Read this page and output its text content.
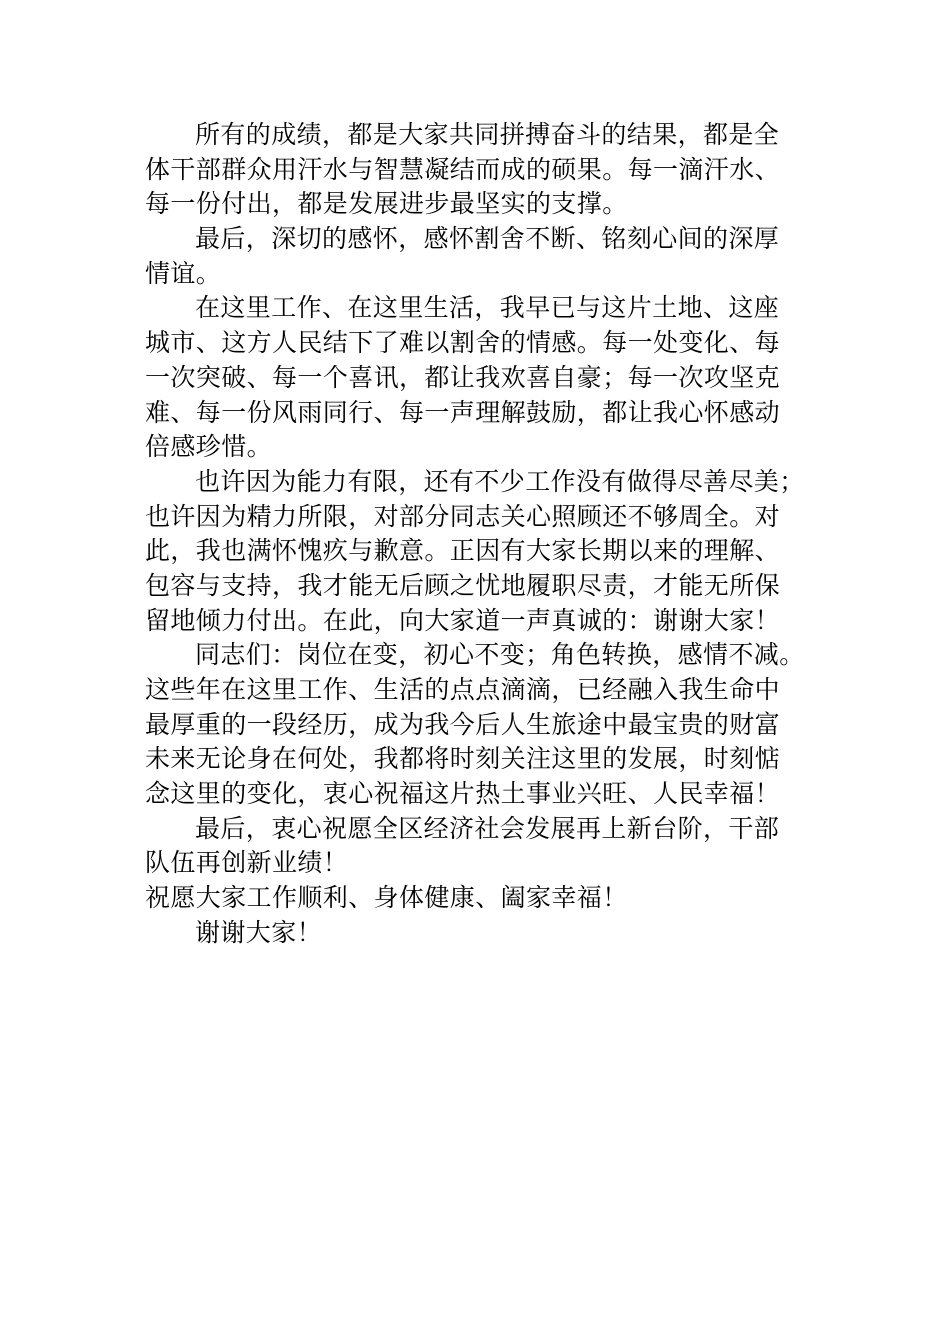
所有的成绩，都是大家共同拼搏奋斗的结果，都是全
体干部群众用汗水与智慧凝结而成的硕果。每一滴汗水、
每一份付出，都是发展进步最坚实的支撑。
最后，深切的感怀，感怀割舍不断、铭刻心间的深厚
情谊。
在这里工作、在这里生活，我早已与这片土地、这座
城市、这方人民结下了难以割舍的情感。每一处变化、每
一次突破、每一个喜讯，都让我欢喜自豪；每一次攻坚克
难、每一份风雨同行、每一声理解鼓励，都让我心怀感动
倍感珍惜。
也许因为能力有限，还有不少工作没有做得尽善尽美；
也许因为精力所限，对部分同志关心照顾还不够周全。对
此，我也满怀愧疚与歉意。正因有大家长期以来的理解、
包容与支持，我才能无后顾之忧地履职尽责，才能无所保
留地倾力付出。在此，向大家道一声真诚的：谢谢大家！
同志们：岗位在变，初心不变；角色转换，感情不减。
这些年在这里工作、生活的点点滴滴，已经融入我生命中
最厚重的一段经历，成为我今后人生旅途中最宝贵的财富
未来无论身在何处，我都将时刻关注这里的发展，时刻惦
念这里的变化，衷心祝福这片热土事业兴旺、人民幸福！
最后，衷心祝愿全区经济社会发展再上新台阶，干部
队伍再创新业绩！
祝愿大家工作顺利、身体健康、阖家幸福！
谢谢大家！
